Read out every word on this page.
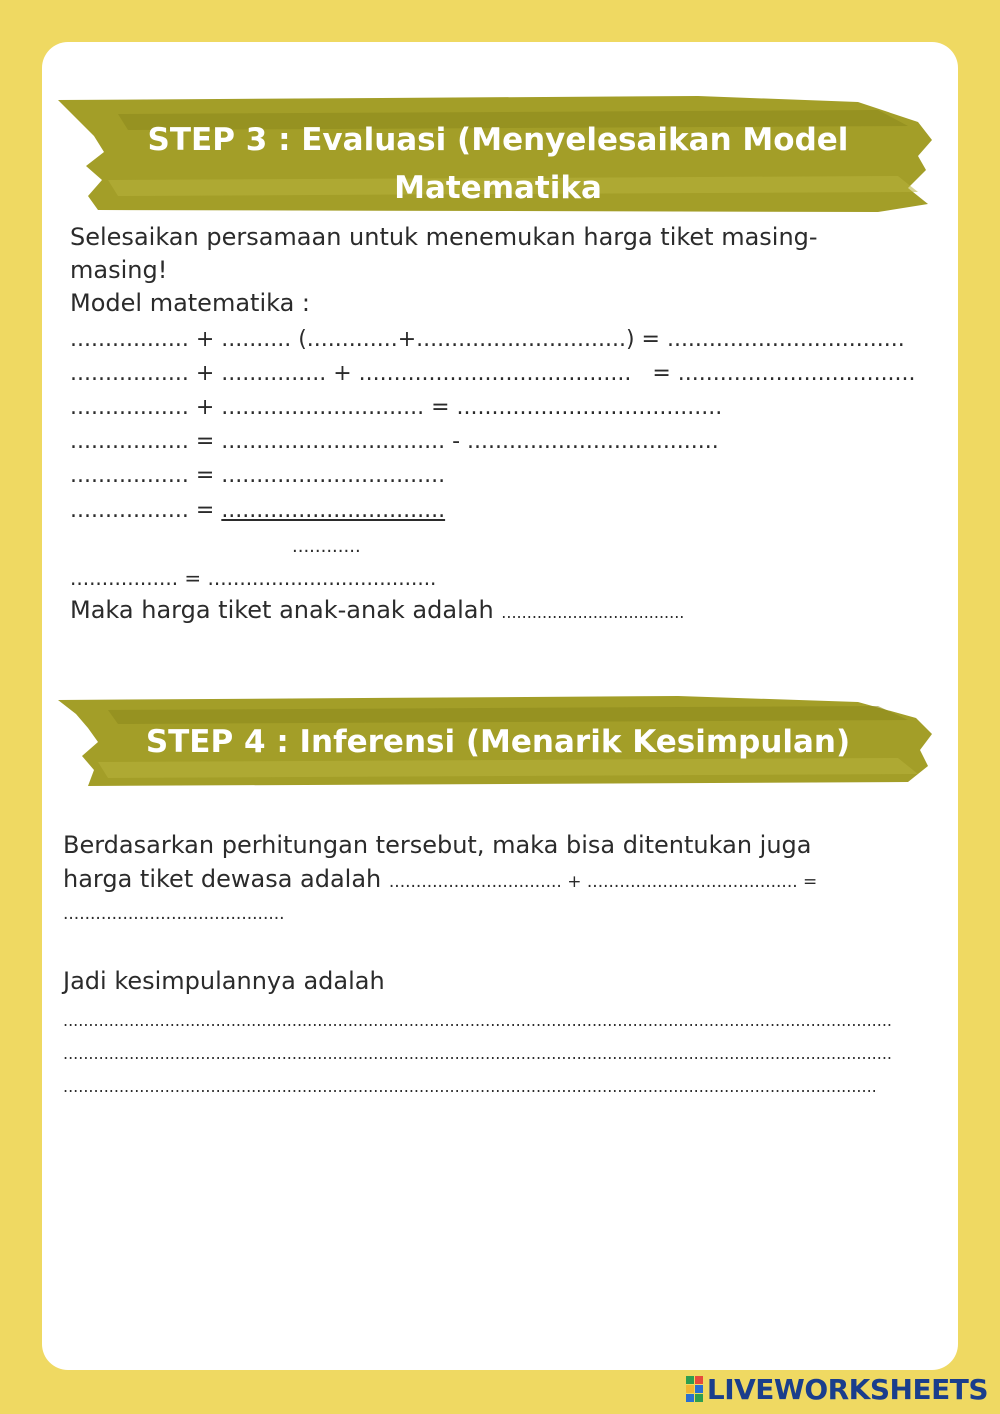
STEP 3 : Evaluasi (Menyelesaikan Model
Matematika
Selesaikan persamaan untuk menemukan harga tiket masing-
masing!
Model matematika :
................. + .......... (.............+..............................) = ..................................
................. + ............... + .......................................   = ..................................
................. + ............................. = ......................................
................. = ................................ - ....................................
................. = ................................
................. = ................................
............
................. = ....................................
Maka harga tiket anak-anak adalah ....................................
STEP 4 : Inferensi (Menarik Kesimpulan)
Berdasarkan perhitungan tersebut, maka bisa ditentukan juga
harga tiket dewasa adalah ................................ + ....................................... =
.........................................
Jadi kesimpulannya adalah
...................................................................................................................................................................
...................................................................................................................................................................
................................................................................................................................................................
LIVEWORKSHEETS
